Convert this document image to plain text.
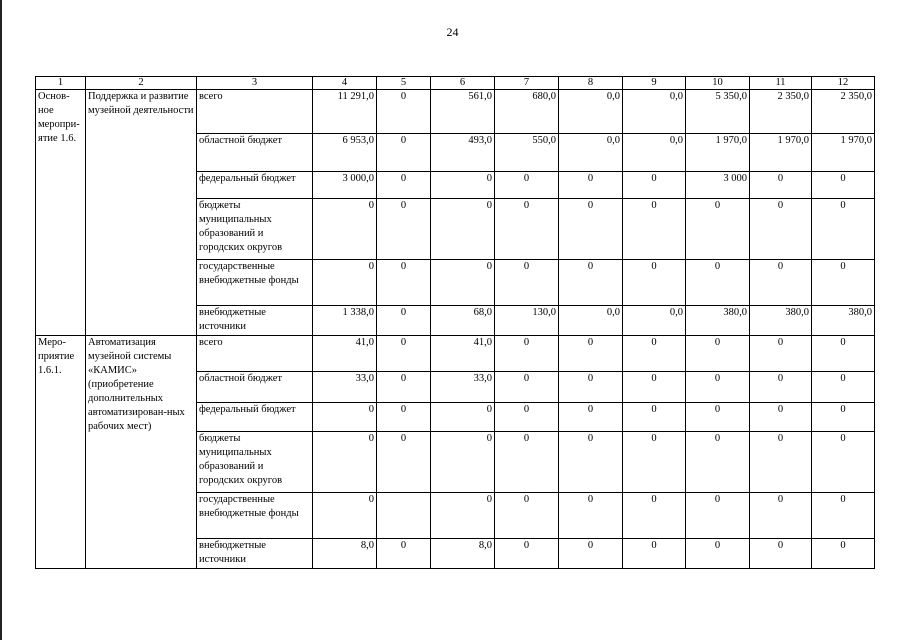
24
1	2	3	4	5	6	7	8	9	10	11	12
Основ-ное меропри-ятие 1.6.	Поддержка и развитие музейной деятельности	всего	11 291,0	0	561,0	680,0	0,0	0,0	5 350,0	2 350,0	2 350,0
		областной бюджет	6 953,0	0	493,0	550,0	0,0	0,0	1 970,0	1 970,0	1 970,0
		федеральный бюджет	3 000,0	0	0	0	0	0	3 000	0	0
		бюджеты муниципальных образований и городских округов	0	0	0	0	0	0	0	0	0
		государственные внебюджетные фонды	0	0	0	0	0	0	0	0	0
		внебюджетные источники	1 338,0	0	68,0	130,0	0,0	0,0	380,0	380,0	380,0
Меро-приятие 1.6.1.	Автоматизация музейной системы «КАМИС» (приобретение дополнительных автоматизирован-ных рабочих мест)	всего	41,0	0	41,0	0	0	0	0	0	0
		областной бюджет	33,0	0	33,0	0	0	0	0	0	0
		федеральный бюджет	0	0	0	0	0	0	0	0	0
		бюджеты муниципальных образований и городских округов	0	0	0	0	0	0	0	0	0
		государственные внебюджетные фонды	0		0	0	0	0	0	0	0
		внебюджетные источники	8,0	0	8,0	0	0	0	0	0	0
